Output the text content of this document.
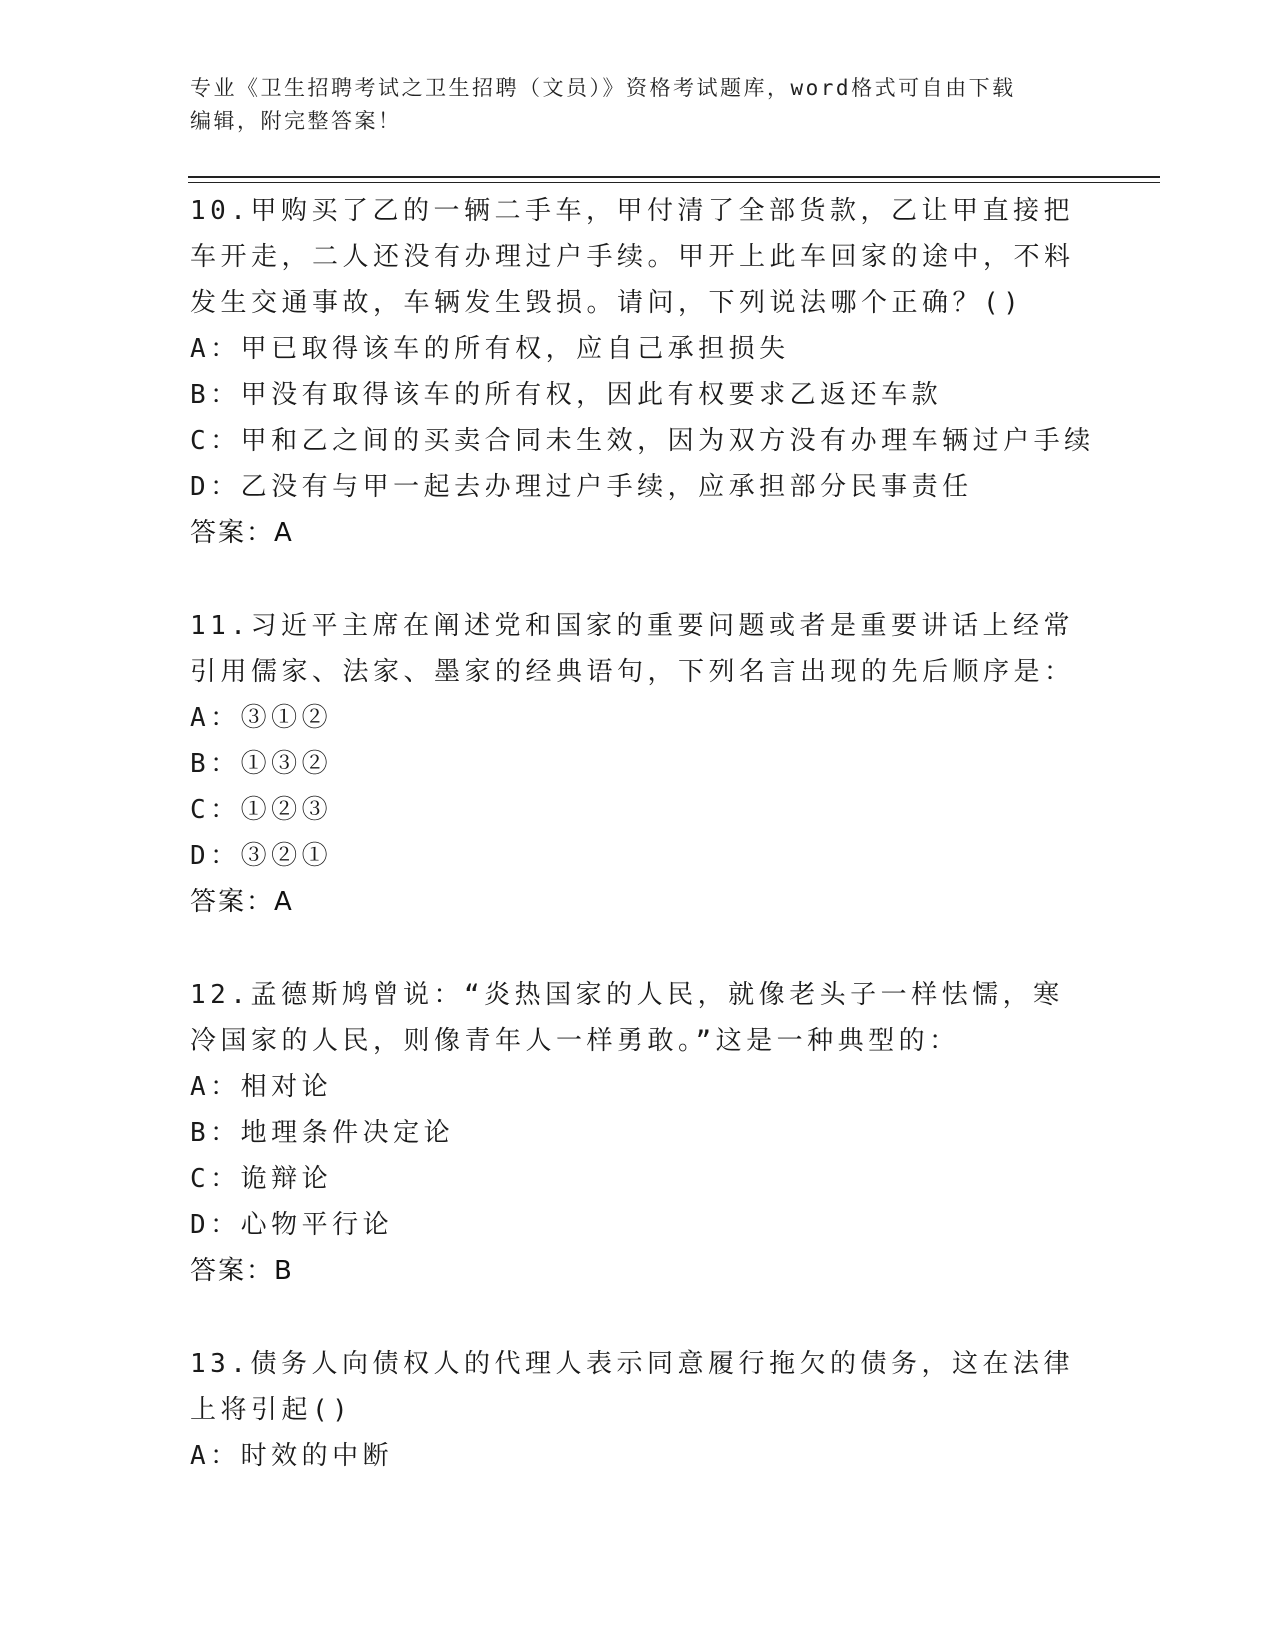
专业《卫生招聘考试之卫生招聘（文员）》资格考试题库，word格式可自由下载
编辑，附完整答案！
10.甲购买了乙的一辆二手车，甲付清了全部货款，乙让甲直接把车开走，二人还没有办理过户手续。甲开上此车回家的途中，不料发生交通事故，车辆发生毁损。请问，下列说法哪个正确？()
A：甲已取得该车的所有权，应自己承担损失
B：甲没有取得该车的所有权，因此有权要求乙返还车款
C：甲和乙之间的买卖合同未生效，因为双方没有办理车辆过户手续
D：乙没有与甲一起去办理过户手续，应承担部分民事责任
答案：A
11.习近平主席在阐述党和国家的重要问题或者是重要讲话上经常引用儒家、法家、墨家的经典语句，下列名言出现的先后顺序是：
A：③①②
B：①③②
C：①②③
D：③②①
答案：A
12.孟德斯鸠曾说：“炎热国家的人民，就像老头子一样怯懦，寒冷国家的人民，则像青年人一样勇敢。”这是一种典型的：
A：相对论
B：地理条件决定论
C：诡辩论
D：心物平行论
答案：B
13.债务人向债权人的代理人表示同意履行拖欠的债务，这在法律上将引起()
A：时效的中断
